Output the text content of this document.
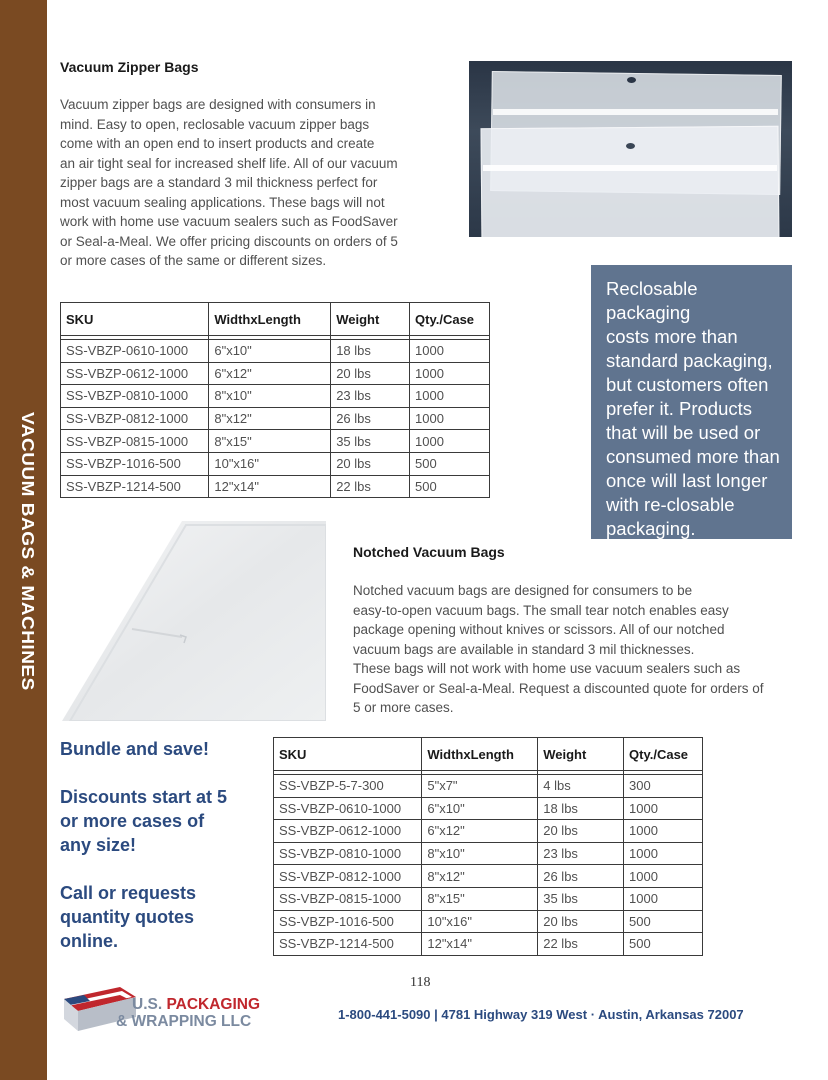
VACUUM BAGS & MACHINES
Vacuum Zipper Bags
Vacuum zipper bags are designed with consumers in
mind. Easy to open, reclosable vacuum zipper bags
come with an open end to insert products and create
an air tight seal for increased shelf life. All of our vacuum
zipper bags are a standard 3 mil thickness perfect for
most vacuum sealing applications. These bags will not
work with home use vacuum sealers such as FoodSaver
or Seal-a-Meal. We offer pricing discounts on orders of 5
or more cases of the same or different sizes.
SKU	WidthxLength	Weight	Qty./Case

SS-VBZP-0610-1000	6"x10"	18 lbs	1000
SS-VBZP-0612-1000	6"x12"	20 lbs	1000
SS-VBZP-0810-1000	8"x10"	23 lbs	1000
SS-VBZP-0812-1000	8"x12"	26 lbs	1000
SS-VBZP-0815-1000	8"x15"	35 lbs	1000
SS-VBZP-1016-500	10"x16"	20 lbs	500
SS-VBZP-1214-500	12"x14"	22 lbs	500
Reclosable packaging
costs more than
standard packaging,
but customers often
prefer it. Products
that will be used or
consumed more than
once will last longer
with re-closable
packaging.
Notched Vacuum Bags
Notched vacuum bags are designed for consumers to be
easy-to-open vacuum bags. The small tear notch enables easy
package opening without knives or scissors. All of our notched
vacuum bags are available in standard 3 mil thicknesses.
These bags will not work with home use vacuum sealers such as
FoodSaver or Seal-a-Meal. Request a discounted quote for orders of
5 or more cases.
Bundle and save!
Discounts start at 5
or more cases of
any size!
Call or requests
quantity quotes
online.
SKU	WidthxLength	Weight	Qty./Case

SS-VBZP-5-7-300	5"x7"	4 lbs	300
SS-VBZP-0610-1000	6"x10"	18 lbs	1000
SS-VBZP-0612-1000	6"x12"	20 lbs	1000
SS-VBZP-0810-1000	8"x10"	23 lbs	1000
SS-VBZP-0812-1000	8"x12"	26 lbs	1000
SS-VBZP-0815-1000	8"x15"	35 lbs	1000
SS-VBZP-1016-500	10"x16"	20 lbs	500
SS-VBZP-1214-500	12"x14"	22 lbs	500
118
U.S. PACKAGING
& WRAPPING LLC	1-800-441-5090 | 4781 Highway 319 West · Austin, Arkansas 72007
